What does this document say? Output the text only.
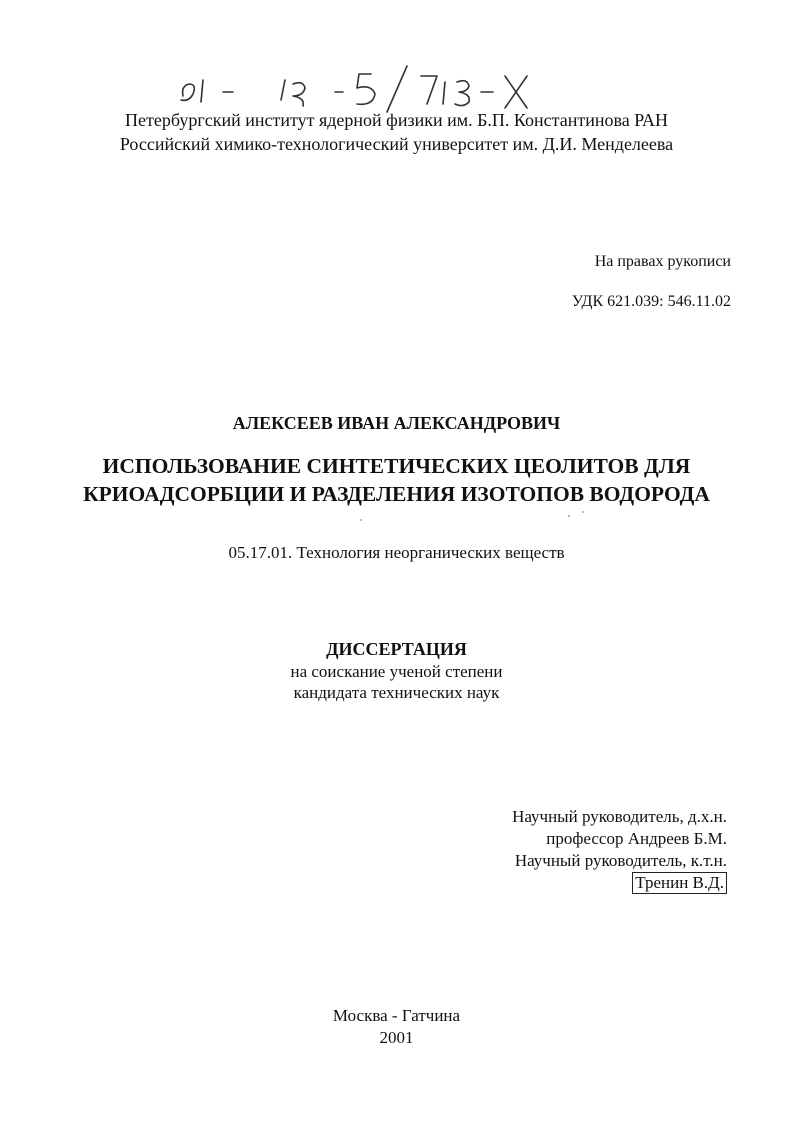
61-18 5/713-X
Петербургский институт ядерной физики им. Б.П. Константинова РАН
Российский химико-технологический университет им. Д.И. Менделеева
На правах рукописи
УДК 621.039: 546.11.02
АЛЕКСЕЕВ ИВАН АЛЕКСАНДРОВИЧ
ИСПОЛЬЗОВАНИЕ СИНТЕТИЧЕСКИХ ЦЕОЛИТОВ ДЛЯ
КРИОАДСОРБЦИИ И РАЗДЕЛЕНИЯ ИЗОТОПОВ ВОДОРОДА
05.17.01. Технология неорганических веществ
ДИССЕРТАЦИЯ
на соискание ученой степени
кандидата технических наук
Научный руководитель, д.х.н.
профессор Андреев Б.М.
Научный руководитель, к.т.н.
Тренин В.Д.
Москва - Гатчина
2001
